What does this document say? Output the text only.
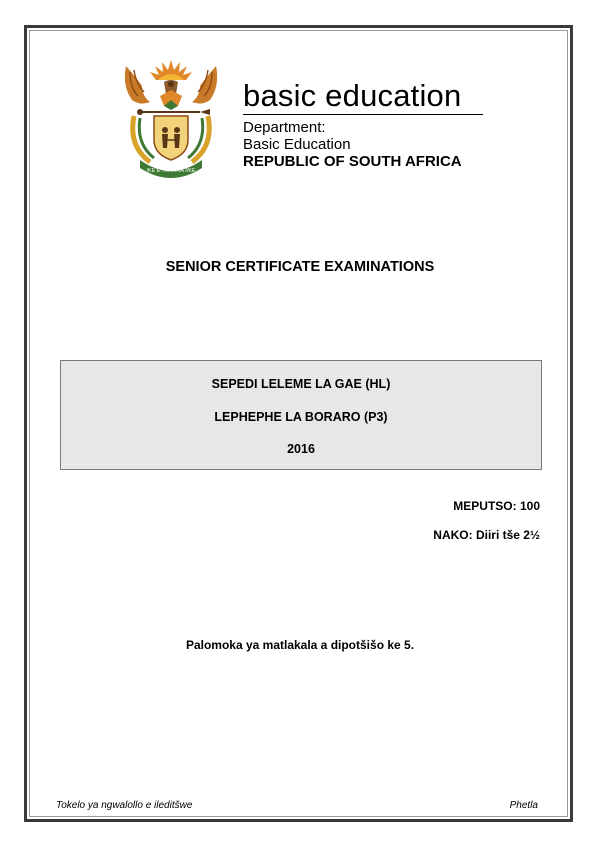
!KE E: /XARRA //KE
basic education
Department:
Basic Education
REPUBLIC OF SOUTH AFRICA
SENIOR CERTIFICATE EXAMINATIONS
SEPEDI LELEME LA GAE (HL)
LEPHEPHE LA BORARO (P3)
2016
MEPUTSO: 100
NAKO: Diiri tše 2½
Palomoka ya matlakala a dipotšišo ke 5.
Tokelo ya ngwalollo e ileditšwe	Phetla
